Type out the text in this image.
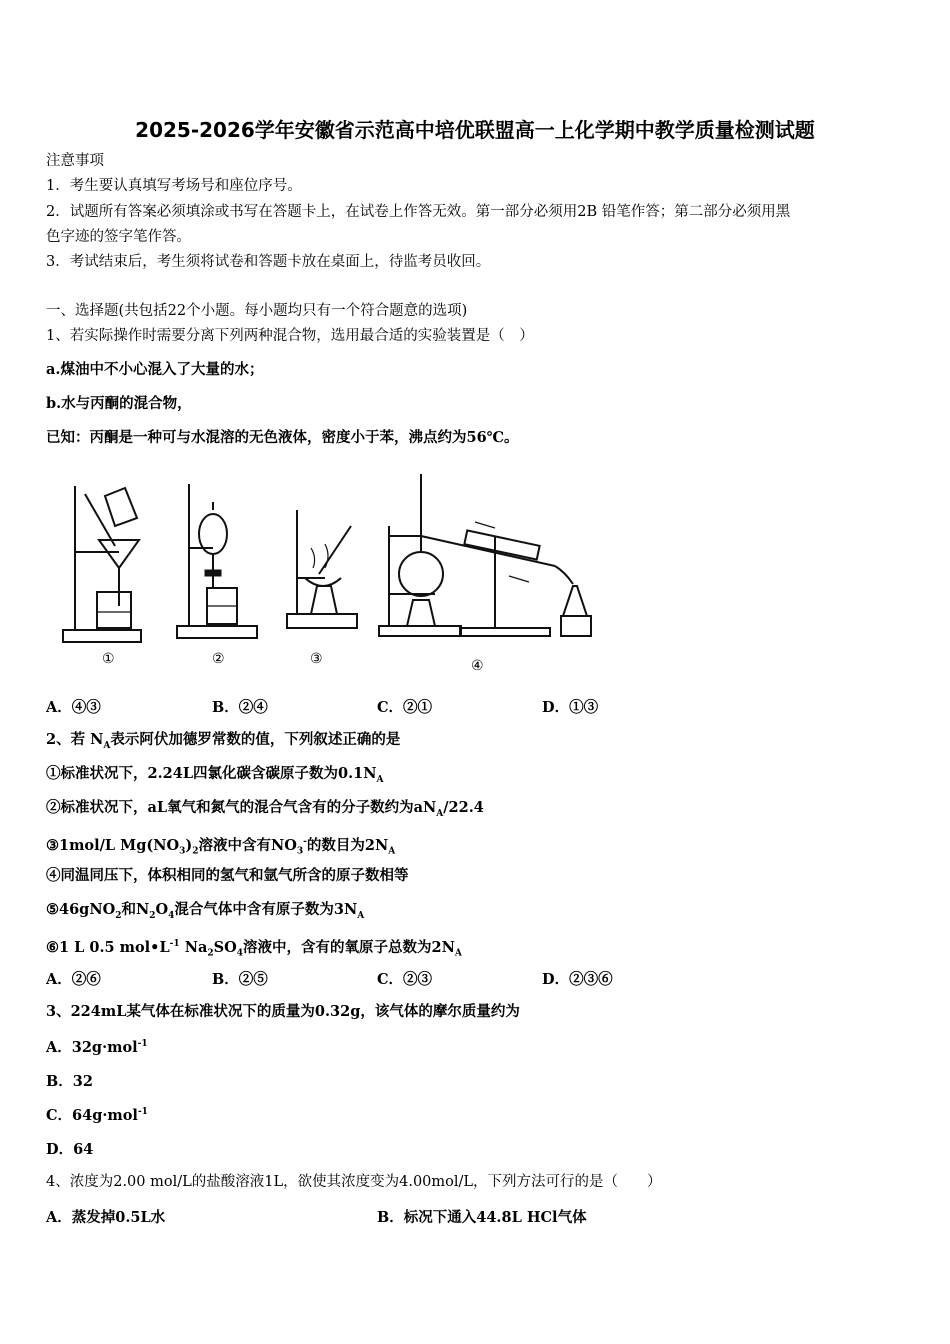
2025-2026学年安徽省示范高中培优联盟高一上化学期中教学质量检测试题
注意事项
1．考生要认真填写考场号和座位序号。
2．试题所有答案必须填涂或书写在答题卡上，在试卷上作答无效。第一部分必须用2B 铅笔作答；第二部分必须用黑
色字迹的签字笔作答。
3．考试结束后，考生须将试卷和答题卡放在桌面上，待监考员收回。
一、选择题(共包括22个小题。每小题均只有一个符合题意的选项)
1、若实际操作时需要分离下列两种混合物，选用最合适的实验装置是（　）
a.煤油中不小心混入了大量的水；
b.水与丙酮的混合物，
已知：丙酮是一种可与水混溶的无色液体，密度小于苯，沸点约为56℃。
①	②	③	④
A．④③	B．②④	C．②①	D．①③
2、若 $N_A$表示阿伏加德罗常数的值，下列叙述正确的是
①标准状况下，2.24L四氯化碳含碳原子数为$0.1N_A$
②标准状况下，aL氧气和氮气的混合气含有的分子数约为$aN_A/22.4$
③1mol/L $Mg(NO_3)_2$溶液中含有$NO_3^-$的数目为$2N_A$
④同温同压下，体积相同的氢气和氩气所含的原子数相等
⑤46gNO$_2$和$N_2O_4$混合气体中含有原子数为$3N_A$
⑥1 L 0.5 $mol•L^{-1}$ $Na_2SO_4$溶液中，含有的氧原子总数为$2N_A$
A．②⑥	B．②⑤	C．②③	D．②③⑥
3、224mL某气体在标准状况下的质量为0.32g，该气体的摩尔质量约为
A．32g·mol$^{-1}$
B．32
C．64g·mol$^{-1}$
D．64
4、浓度为2.00 mol/L的盐酸溶液1L，欲使其浓度变为4.00mol/L，下列方法可行的是（　　）
A．蒸发掉0.5L水	B．标况下通入44.8L HCl气体
